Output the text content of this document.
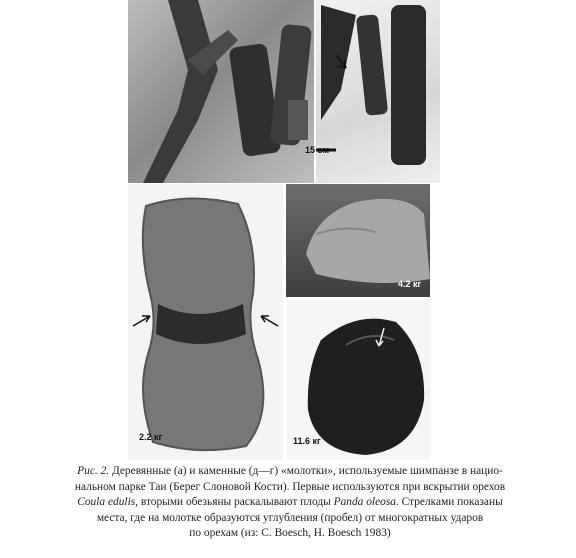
15 см
2.2 кг
4.2 кг
11.6 кг
Рис. 2. Деревянные (а) и каменные (д—г) «молотки», используемые шимпанзе в нацио-
нальном парке Таи (Берег Слоновой Кости). Первые используются при вскрытии орехов
Coula edulis, вторыми обезьяны раскалывают плоды Panda oleosa. Стрелками показаны
места, где на молотке образуются углубления (пробел) от многократных ударов
по орехам (из: C. Boesch, H. Boesch 1983)
